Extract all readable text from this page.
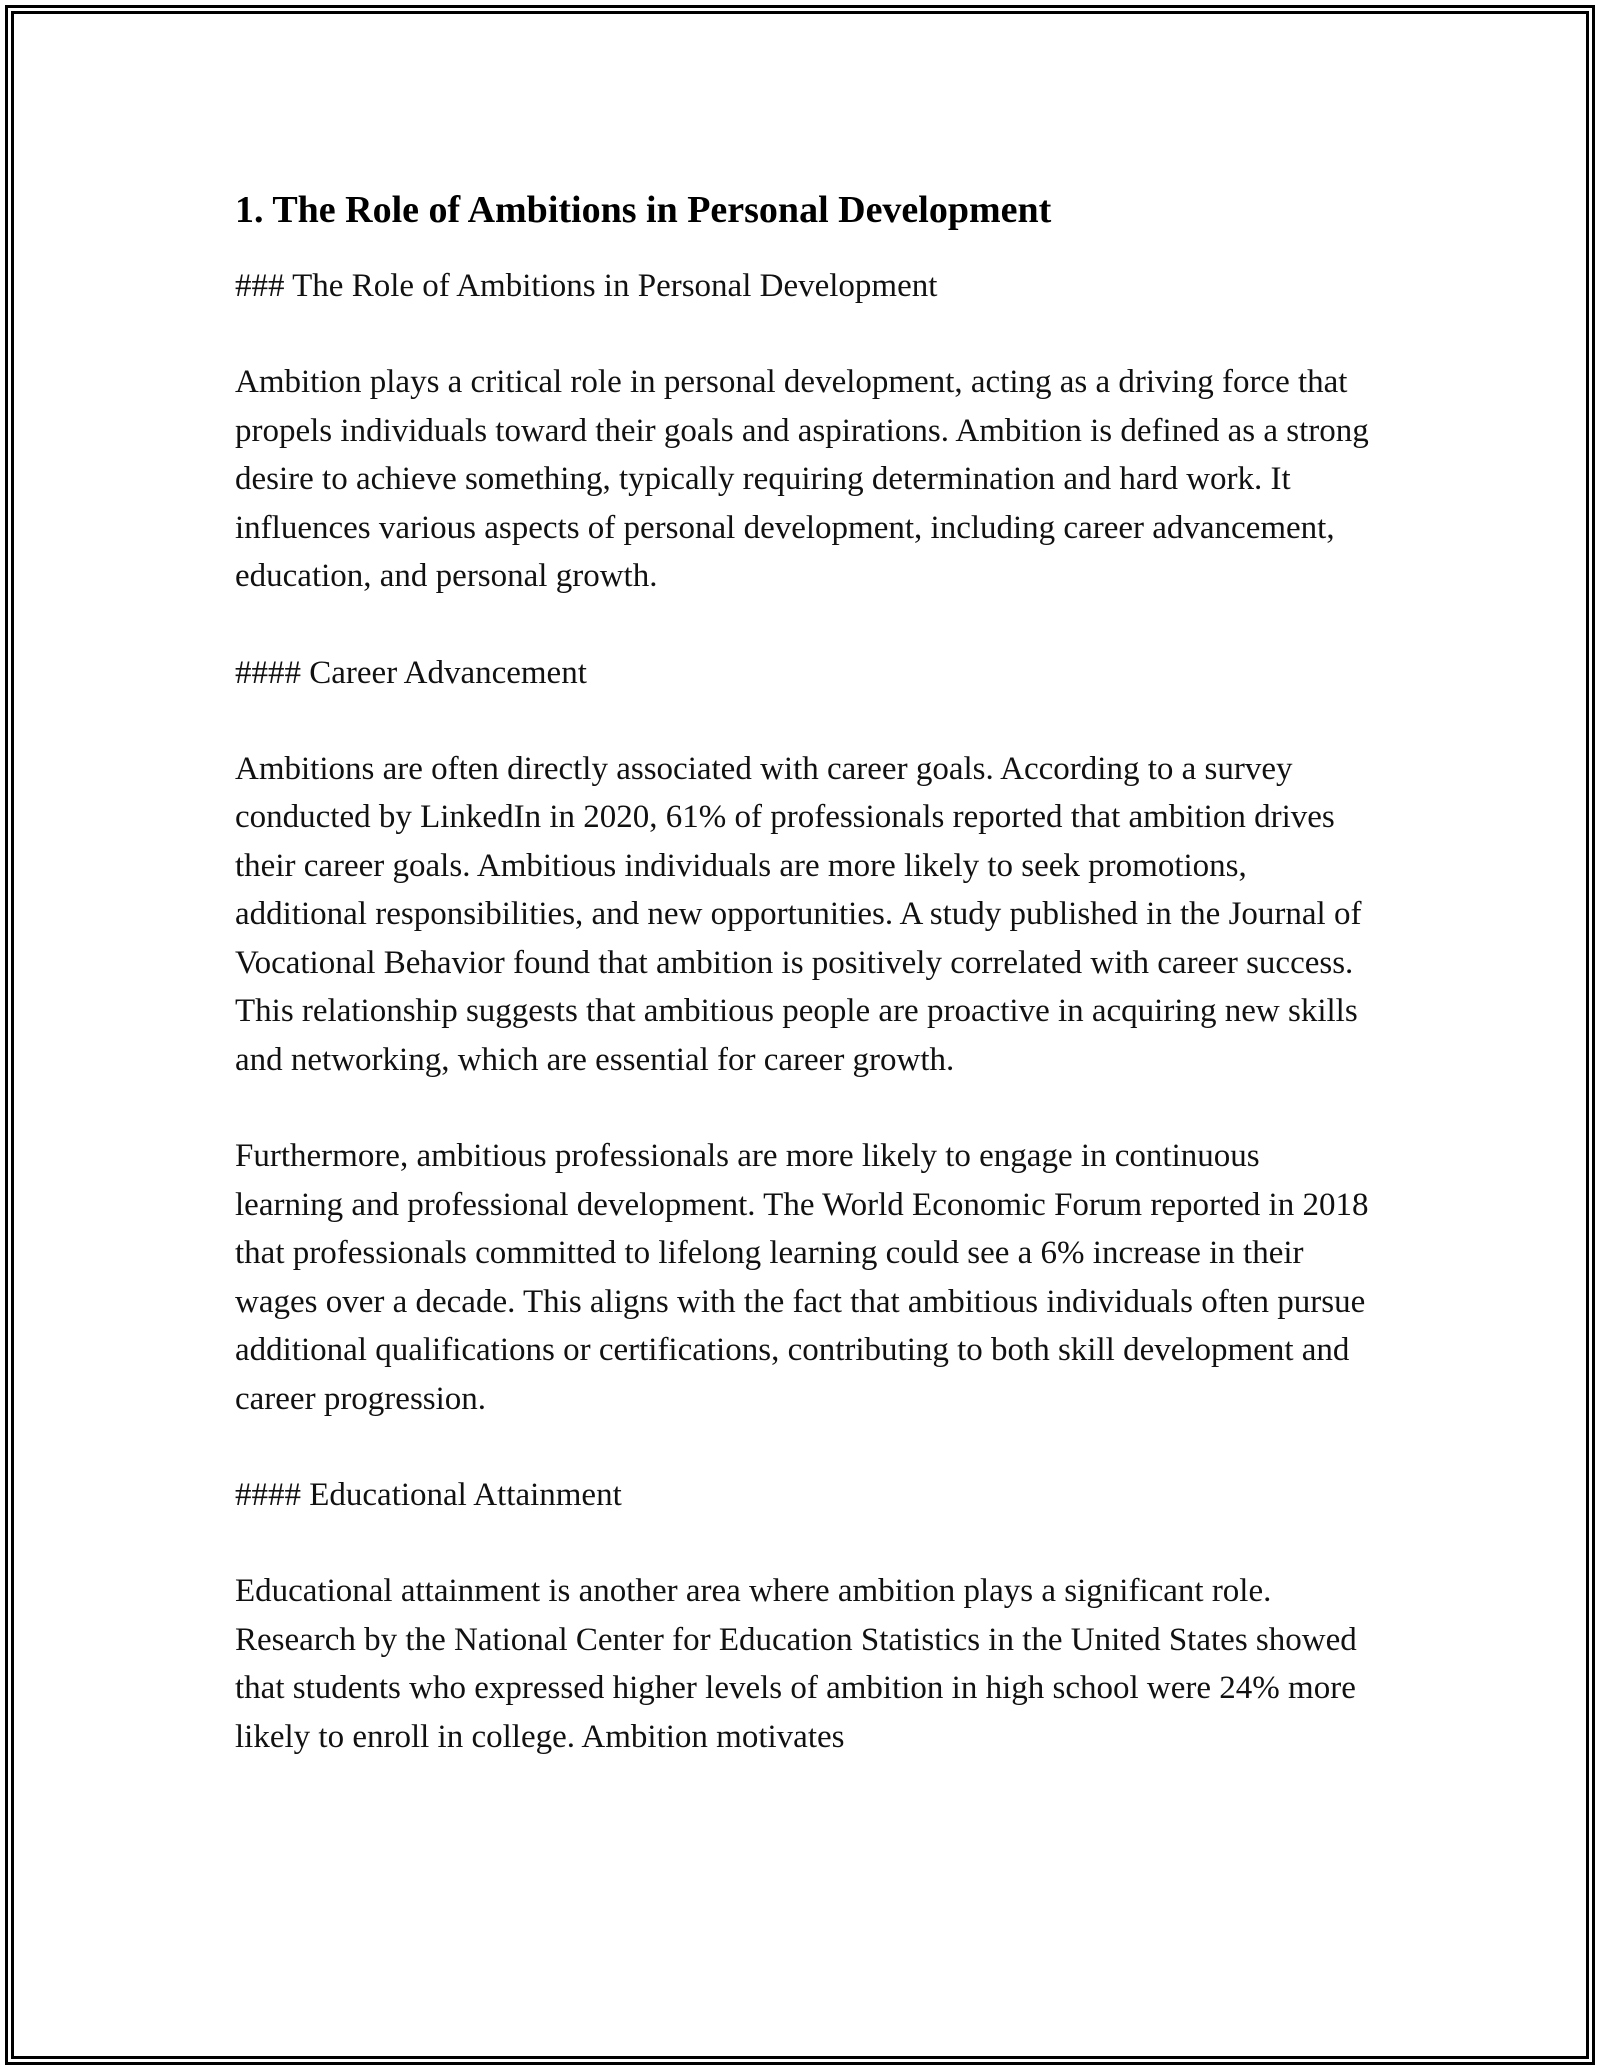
1. The Role of Ambitions in Personal Development

### The Role of Ambitions in Personal Development

Ambition plays a critical role in personal development, acting as a driving force that propels individuals toward their goals and aspirations. Ambition is defined as a strong desire to achieve something, typically requiring determination and hard work. It influences various aspects of personal development, including career advancement, education, and personal growth.

#### Career Advancement

Ambitions are often directly associated with career goals. According to a survey conducted by LinkedIn in 2020, 61% of professionals reported that ambition drives their career goals. Ambitious individuals are more likely to seek promotions, additional responsibilities, and new opportunities. A study published in the Journal of Vocational Behavior found that ambition is positively correlated with career success. This relationship suggests that ambitious people are proactive in acquiring new skills and networking, which are essential for career growth.

Furthermore, ambitious professionals are more likely to engage in continuous learning and professional development. The World Economic Forum reported in 2018 that professionals committed to lifelong learning could see a 6% increase in their wages over a decade. This aligns with the fact that ambitious individuals often pursue additional qualifications or certifications, contributing to both skill development and career progression.

#### Educational Attainment

Educational attainment is another area where ambition plays a significant role. Research by the National Center for Education Statistics in the United States showed that students who expressed higher levels of ambition in high school were 24% more likely to enroll in college. Ambition motivates
